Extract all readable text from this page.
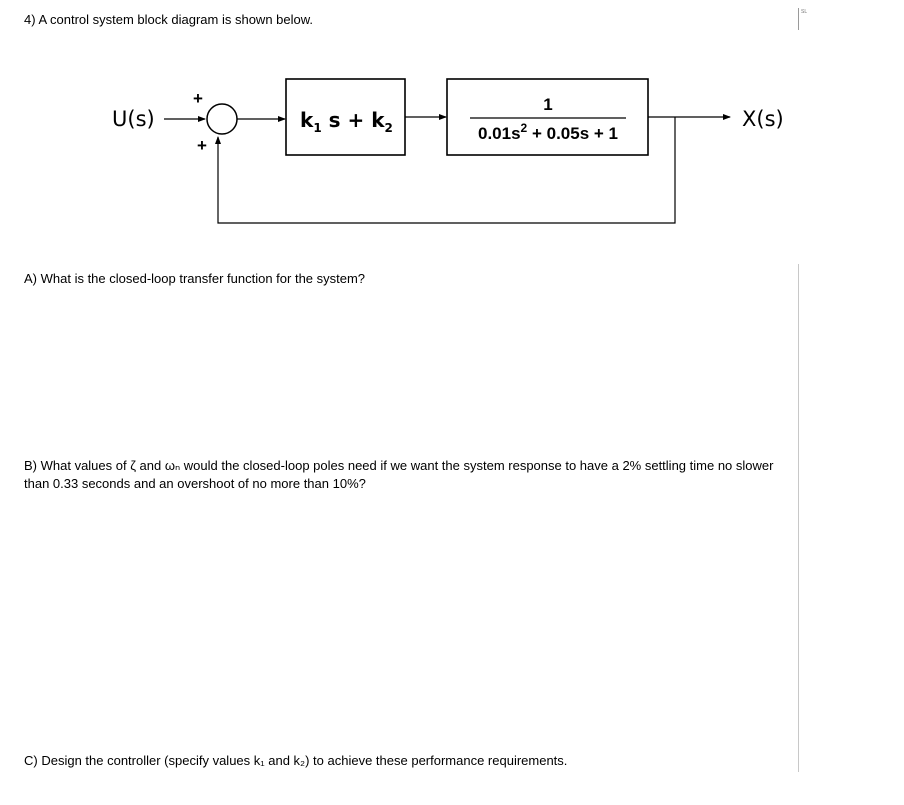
4) A control system block diagram is shown below.	SL
U(s)
+
+
$k_1$ $s + k_2$
1
$0.01s^2 + 0.05s + 1$
X(s)

A) What is the closed-loop transfer function for the system?

B) What values of ζ and ωₙ would the closed-loop poles need if we want the system response to have a 2% settling time no slower than 0.33 seconds and an overshoot of no more than 10%?

C) Design the controller (specify values k₁ and k₂) to achieve these performance requirements.
